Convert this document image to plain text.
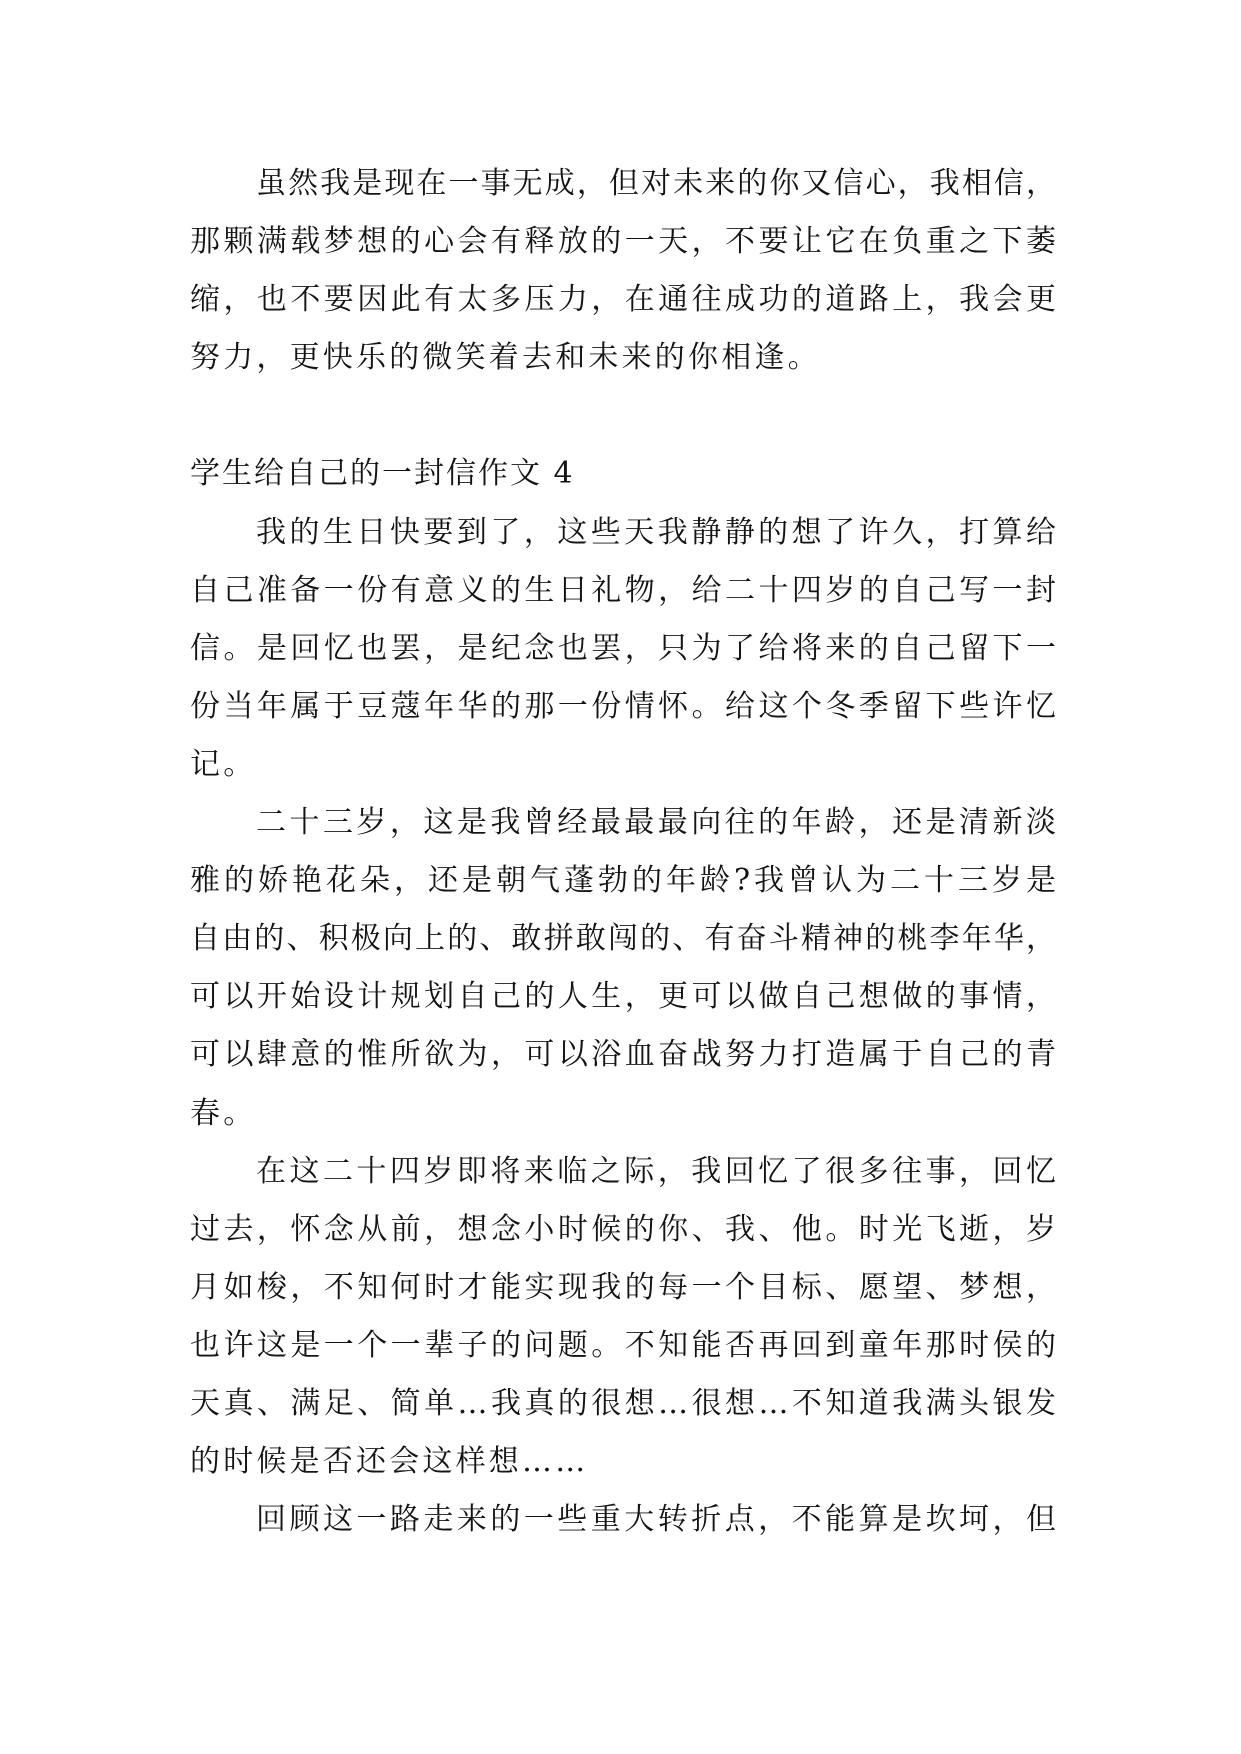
虽然我是现在一事无成，但对未来的你又信心，我相信，
那颗满载梦想的心会有释放的一天，不要让它在负重之下萎
缩，也不要因此有太多压力，在通往成功的道路上，我会更
努力，更快乐的微笑着去和未来的你相逢。
学生给自己的一封信作文 4
我的生日快要到了，这些天我静静的想了许久，打算给
自己准备一份有意义的生日礼物，给二十四岁的自己写一封
信。是回忆也罢，是纪念也罢，只为了给将来的自己留下一
份当年属于豆蔻年华的那一份情怀。给这个冬季留下些许忆
记。
二十三岁，这是我曾经最最最向往的年龄，还是清新淡
雅的娇艳花朵，还是朝气蓬勃的年龄?我曾认为二十三岁是
自由的、积极向上的、敢拼敢闯的、有奋斗精神的桃李年华，
可以开始设计规划自己的人生，更可以做自己想做的事情，
可以肆意的惟所欲为，可以浴血奋战努力打造属于自己的青
春。
在这二十四岁即将来临之际，我回忆了很多往事，回忆
过去，怀念从前，想念小时候的你、我、他。时光飞逝，岁
月如梭，不知何时才能实现我的每一个目标、愿望、梦想，
也许这是一个一辈子的问题。不知能否再回到童年那时侯的
天真、满足、简单…我真的很想…很想…不知道我满头银发
的时候是否还会这样想……
回顾这一路走来的一些重大转折点，不能算是坎坷，但
